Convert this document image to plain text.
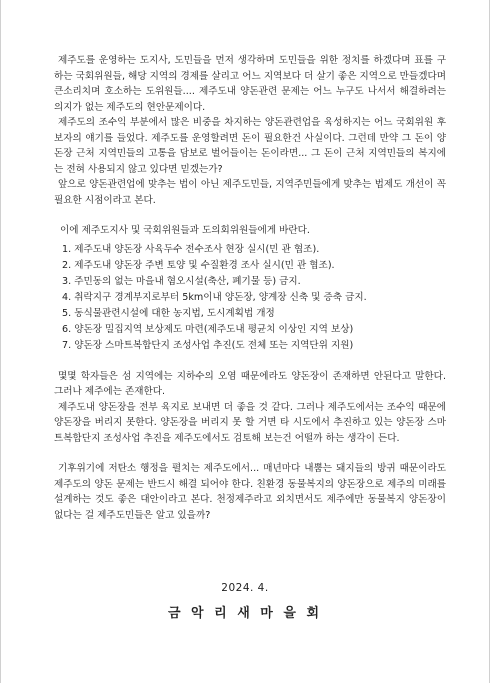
제주도를 운영하는 도지사, 도민들을 먼저 생각하며 도민들을 위한 정치를 하겠다며 표를 구하는 국회위원들, 해당 지역의 경제를 살리고 어느 지역보다 더 살기 좋은 지역으로 만들겠다며 큰소리치며 호소하는 도위원들.... 제주도내 양돈관련 문제는 어느 누구도 나서서 해결하려는 의지가 없는 제주도의 현안문제이다.

제주도의 조수익 부분에서 많은 비중을 차지하는 양돈관련업을 육성하지는 어느 국회위원 후보자의 얘기를 들었다. 제주도를 운영할려면 돈이 필요한건 사실이다. 그런데 만약 그 돈이 양돈장 근처 지역민들의 고통을 담보로 벌어들이는 돈이라면... 그 돈이 근처 지역민들의 복지에는 전혀 사용되지 않고 있다면 믿겠는가?

앞으로 양돈관련업에 맞추는 법이 아닌 제주도민들, 지역주민들에게 맞추는 법제도 개선이 꼭 필요한 시점이라고 본다.

이에 제주도지사 및 국회위원들과 도의회위원들에게 바란다.

1. 제주도내 양돈장 사육두수 전수조사 현장 실시(민 관 협조).
2. 제주도내 양돈장 주변 토양 및 수질환경 조사 실시(민 관 협조).
3. 주민동의 없는 마을내 혐오시설(축산, 폐기물 등) 금지.
4. 취락지구 경계부지로부터 5km이내 양돈장, 양계장 신축 및 증축 금지.
5. 동식물관련시설에 대한 농지법, 도시계획법 개정
6. 양돈장 밀집지역 보상제도 마련(제주도내 평균치 이상인 지역 보상)
7. 양돈장 스마트복합단지 조성사업 추진(도 전체 또는 지역단위 지원)

몇몇 학자들은 섬 지역에는 지하수의 오염 때문에라도 양돈장이 존재하면 안된다고 말한다. 그러나 제주에는 존재한다.

제주도내 양돈장을 전부 육지로 보내면 더 좋을 것 같다. 그러나 제주도에서는 조수익 때문에 양돈장을 버리지 못한다. 양돈장을 버리지 못 할 거면 타 시도에서 추진하고 있는 양돈장 스마트복합단지 조성사업 추진을 제주도에서도 검토해 보는건 어떨까 하는 생각이 든다.

기후위기에 저탄소 행정을 펼치는 제주도에서... 매년마다 내뿜는 돼지들의 방귀 때문이라도 제주도의 양돈 문제는 반드시 해결 되어야 한다. 친환경 동물복지의 양돈장으로 제주의 미래를 설계하는 것도 좋은 대안이라고 본다. 천정제주라고 외치면서도 제주에만 동물복지 양돈장이 없다는 걸 제주도민들은 알고 있을까?

2024. 4.
금 악 리 새 마 을 회
